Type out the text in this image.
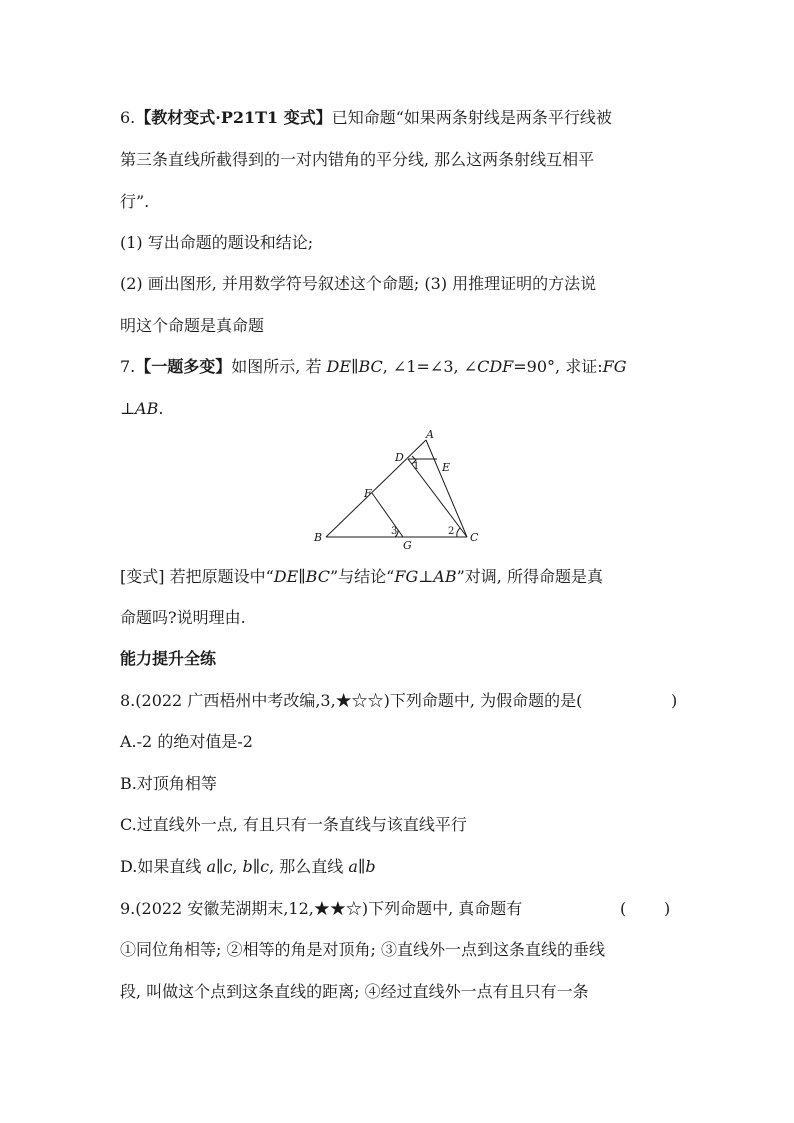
6.【教材变式·P21T1 变式】已知命题“如果两条射线是两条平行线被
第三条直线所截得到的一对内错角的平分线, 那么这两条射线互相平
行”.
(1) 写出命题的题设和结论;
(2) 画出图形, 并用数学符号叙述这个命题; (3) 用推理证明的方法说
明这个命题是真命题
7.【一题多变】如图所示, 若 DE∥BC, ∠1=∠3, ∠CDF=90°, 求证:FG
⊥AB.
A
B	C
D
E
F
G
1
2
3
[变式] 若把原题设中“DE∥BC”与结论“FG⊥AB”对调, 所得命题是真
命题吗?说明理由.
能力提升全练
8.(2022 广西梧州中考改编,3,★☆☆)下列命题中, 为假命题的是(	)
A.-2 的绝对值是-2
B.对顶角相等
C.过直线外一点, 有且只有一条直线与该直线平行
D.如果直线 a∥c, b∥c, 那么直线 a∥b
9.(2022 安徽芜湖期末,12,★★☆)下列命题中, 真命题有	( )
①同位角相等; ②相等的角是对顶角; ③直线外一点到这条直线的垂线
段, 叫做这个点到这条直线的距离; ④经过直线外一点有且只有一条
